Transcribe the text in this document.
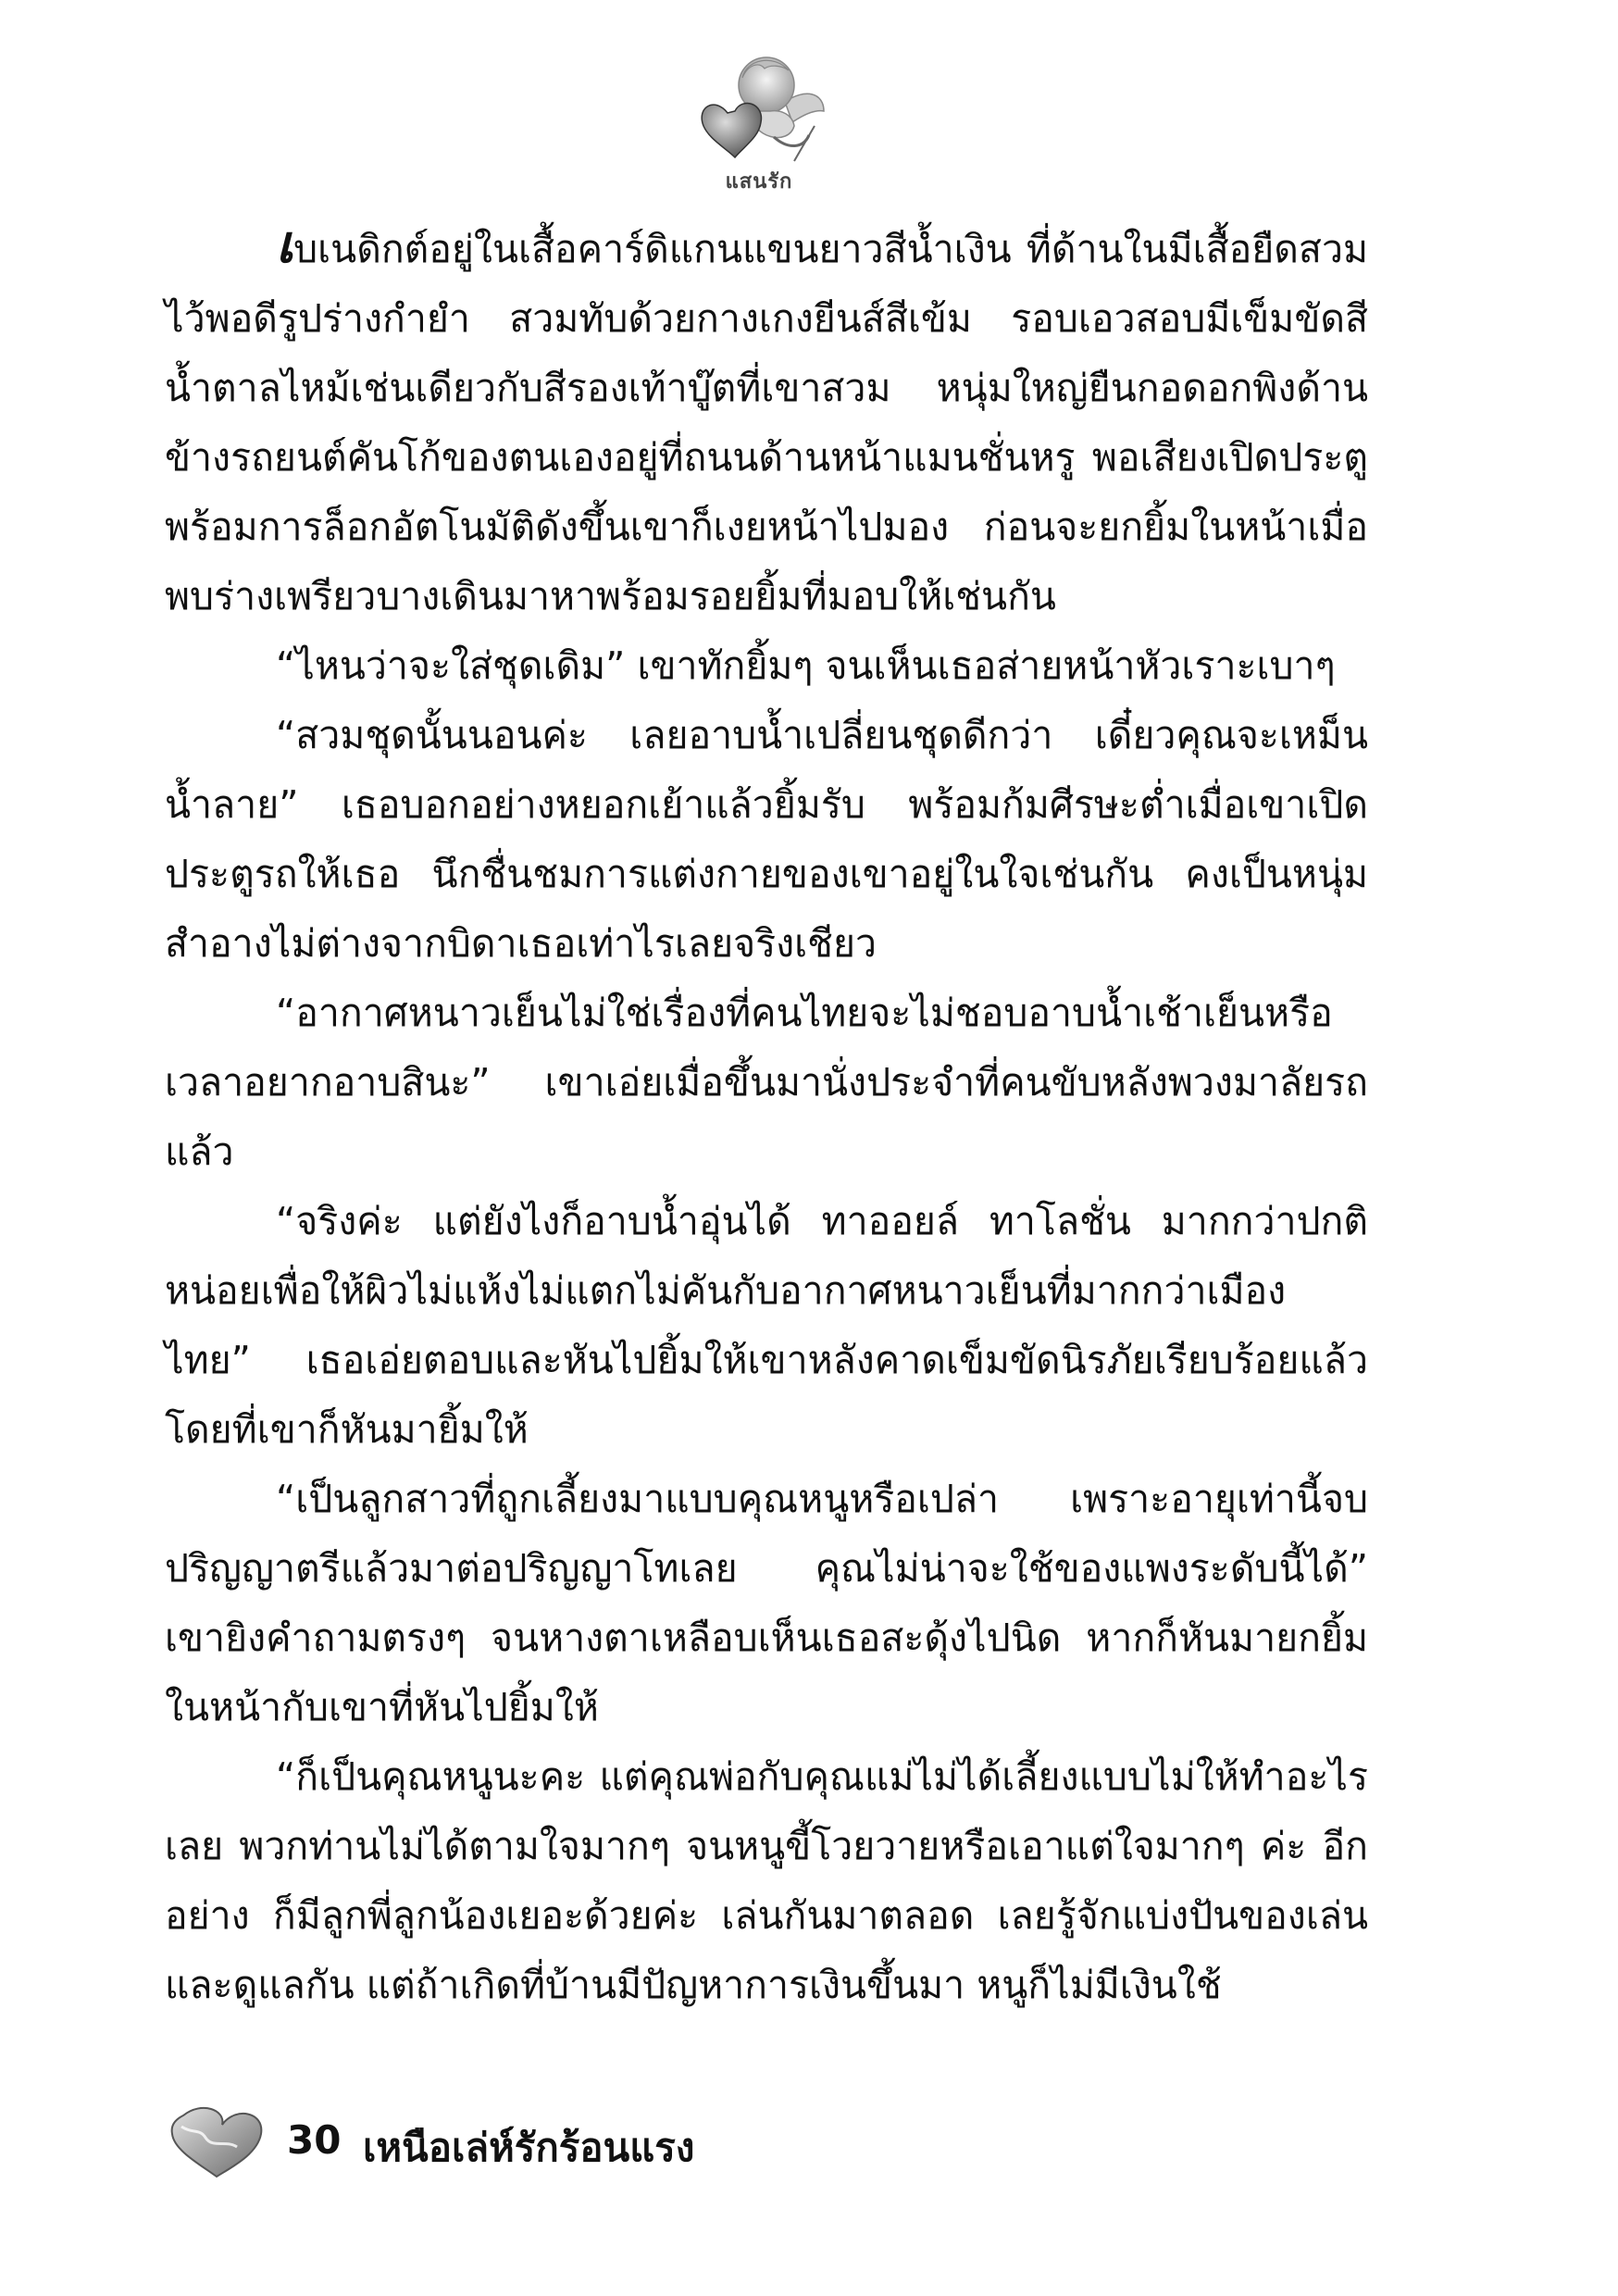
แสนรัก

เบเนดิกต์อยู่ในเสื้อคาร์ดิแกนแขนยาวสีน้ำเงิน ที่ด้านในมีเสื้อยืดสวมไว้พอดีรูปร่างกำยำ สวมทับด้วยกางเกงยีนส์สีเข้ม รอบเอวสอบมีเข็มขัดสีน้ำตาลไหม้เช่นเดียวกับสีรองเท้าบู๊ตที่เขาสวม หนุ่มใหญ่ยืนกอดอกพิงด้านข้างรถยนต์คันโก้ของตนเองอยู่ที่ถนนด้านหน้าแมนชั่นหรู พอเสียงเปิดประตูพร้อมการล็อกอัตโนมัติดังขึ้นเขาก็เงยหน้าไปมอง ก่อนจะยกยิ้มในหน้าเมื่อพบร่างเพรียวบางเดินมาหาพร้อมรอยยิ้มที่มอบให้เช่นกัน

“ไหนว่าจะใส่ชุดเดิม” เขาทักยิ้มๆ จนเห็นเธอส่ายหน้าหัวเราะเบาๆ

“สวมชุดนั้นนอนค่ะ เลยอาบน้ำเปลี่ยนชุดดีกว่า เดี๋ยวคุณจะเหม็นน้ำลาย” เธอบอกอย่างหยอกเย้าแล้วยิ้มรับ พร้อมก้มศีรษะต่ำเมื่อเขาเปิดประตูรถให้เธอ นึกชื่นชมการแต่งกายของเขาอยู่ในใจเช่นกัน คงเป็นหนุ่มสำอางไม่ต่างจากบิดาเธอเท่าไรเลยจริงเชียว

“อากาศหนาวเย็นไม่ใช่เรื่องที่คนไทยจะไม่ชอบอาบน้ำเช้าเย็นหรือเวลาอยากอาบสินะ” เขาเอ่ยเมื่อขึ้นมานั่งประจำที่คนขับหลังพวงมาลัยรถแล้ว

“จริงค่ะ แต่ยังไงก็อาบน้ำอุ่นได้ ทาออยล์ ทาโลชั่น มากกว่าปกติหน่อยเพื่อให้ผิวไม่แห้งไม่แตกไม่คันกับอากาศหนาวเย็นที่มากกว่าเมืองไทย” เธอเอ่ยตอบและหันไปยิ้มให้เขาหลังคาดเข็มขัดนิรภัยเรียบร้อยแล้ว โดยที่เขาก็หันมายิ้มให้

“เป็นลูกสาวที่ถูกเลี้ยงมาแบบคุณหนูหรือเปล่า เพราะอายุเท่านี้จบปริญญาตรีแล้วมาต่อปริญญาโทเลย คุณไม่น่าจะใช้ของแพงระดับนี้ได้” เขายิงคำถามตรงๆ จนหางตาเหลือบเห็นเธอสะดุ้งไปนิด หากก็หันมายกยิ้มในหน้ากับเขาที่หันไปยิ้มให้

“ก็เป็นคุณหนูนะคะ แต่คุณพ่อกับคุณแม่ไม่ได้เลี้ยงแบบไม่ให้ทำอะไรเลย พวกท่านไม่ได้ตามใจมากๆ จนหนูขี้โวยวายหรือเอาแต่ใจมากๆ ค่ะ อีกอย่าง ก็มีลูกพี่ลูกน้องเยอะด้วยค่ะ เล่นกันมาตลอด เลยรู้จักแบ่งปันของเล่นและดูแลกัน แต่ถ้าเกิดที่บ้านมีปัญหาการเงินขึ้นมา หนูก็ไม่มีเงินใช้

30 เหนือเล่ห์รักร้อนแรง
